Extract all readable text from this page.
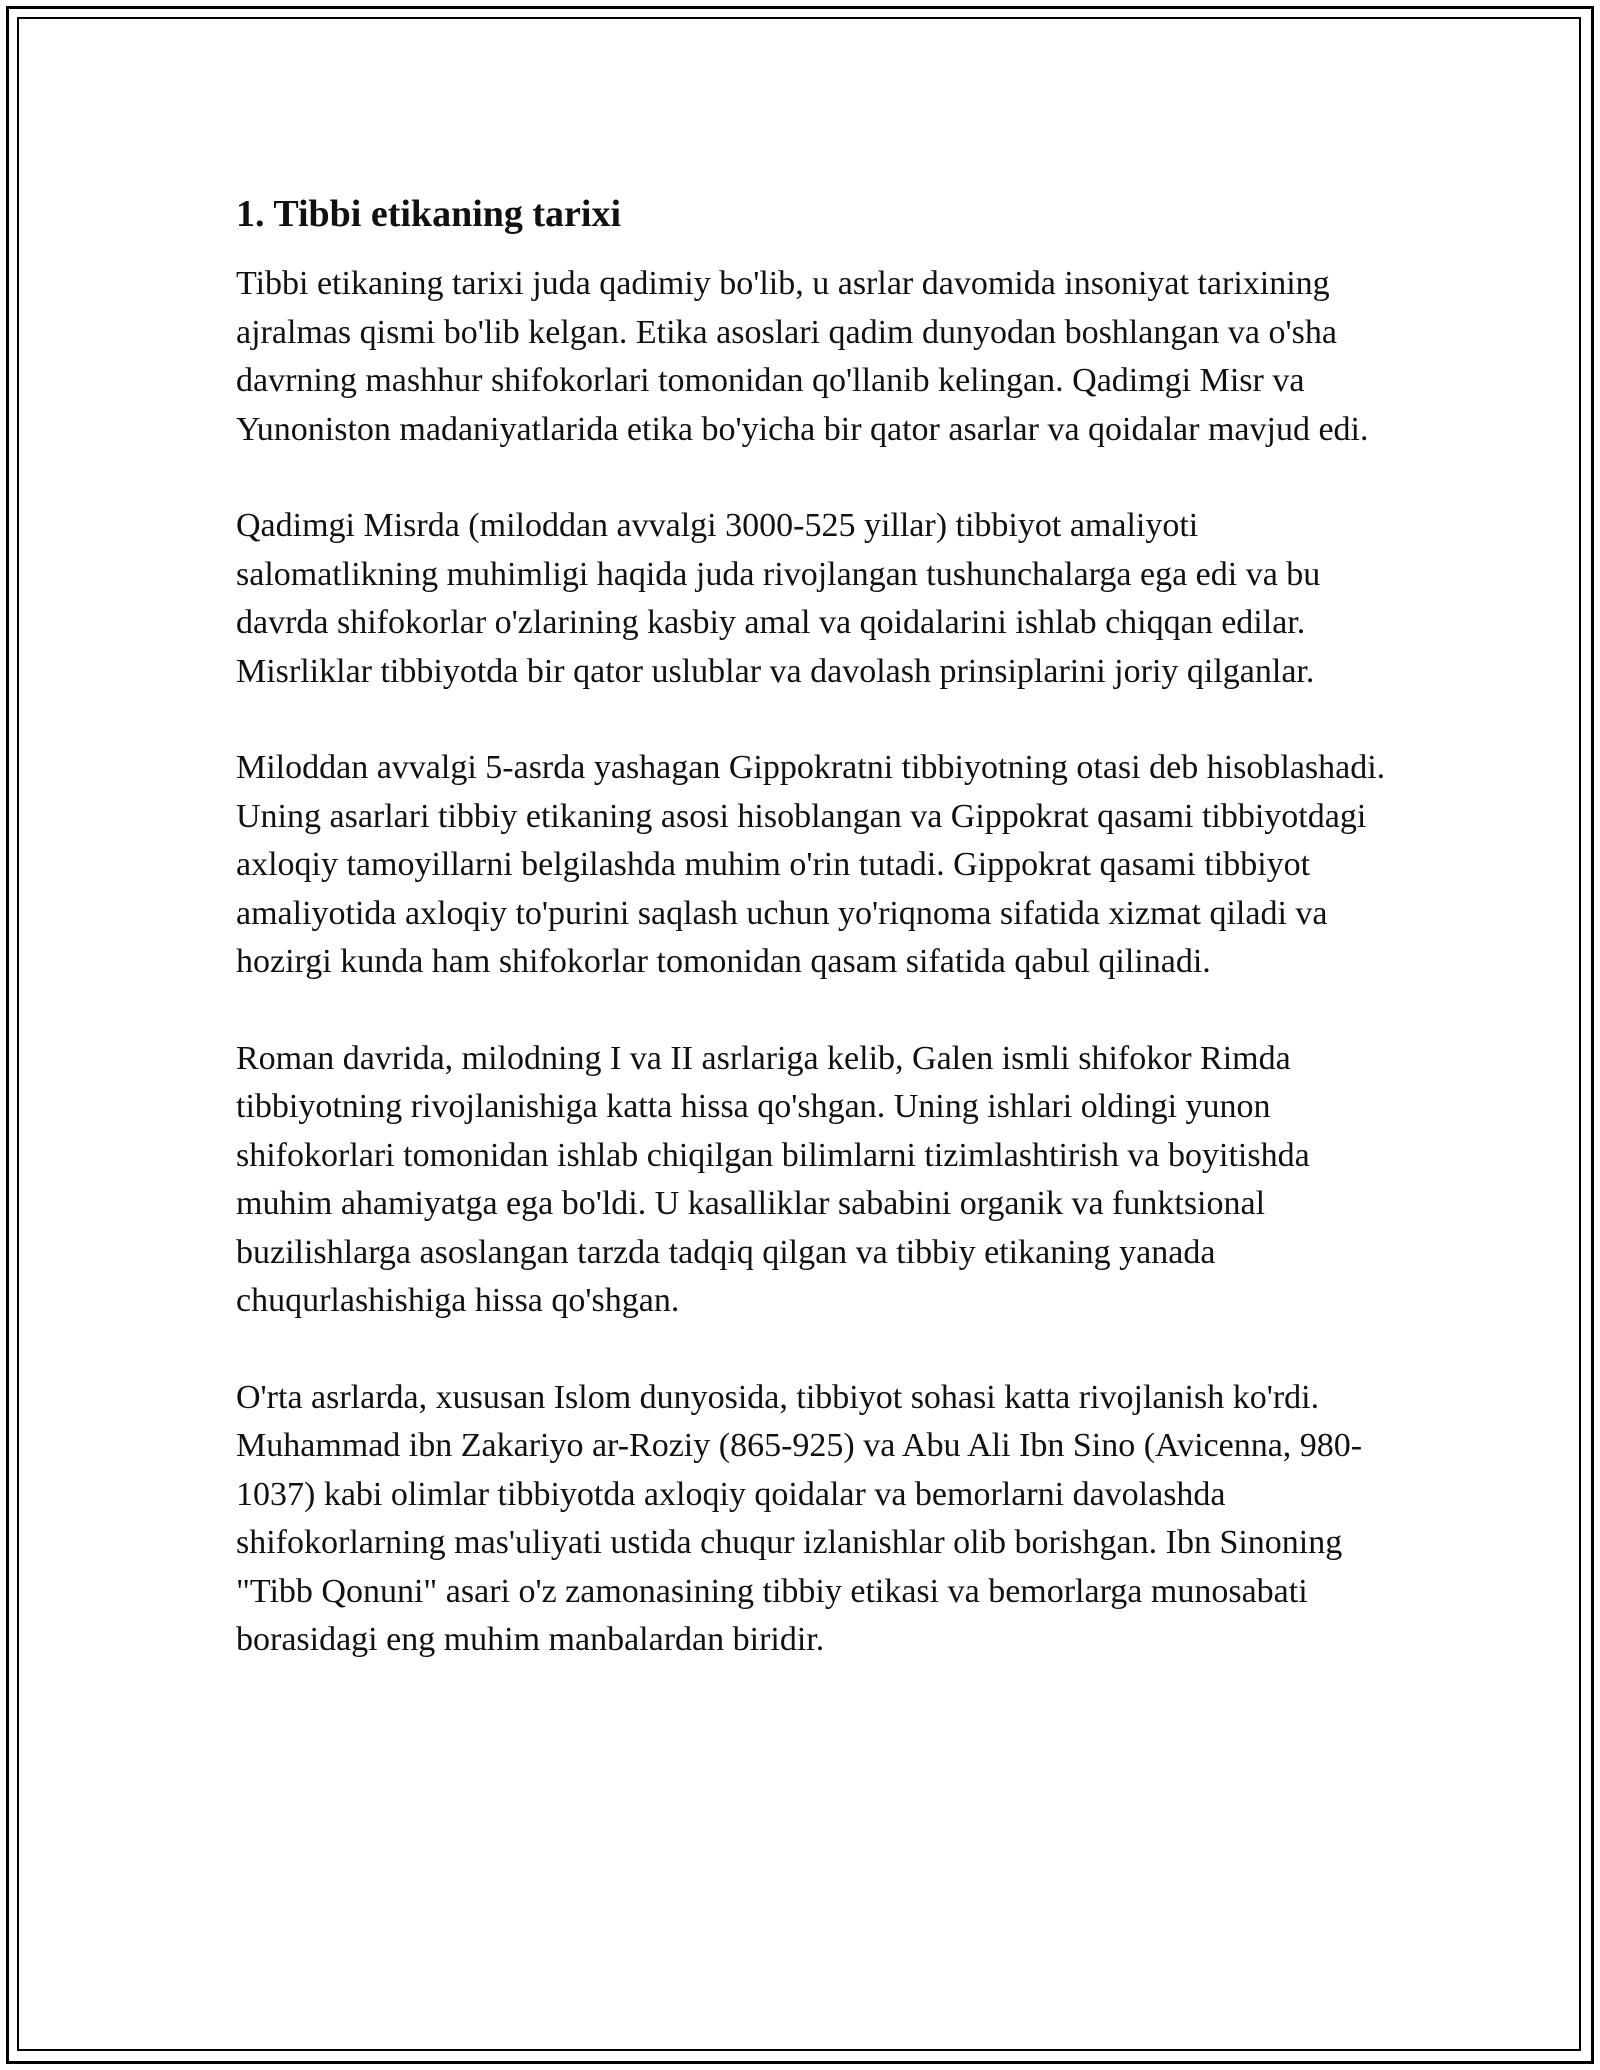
1. Tibbi etikaning tarixi

Tibbi etikaning tarixi juda qadimiy bo'lib, u asrlar davomida insoniyat tarixining ajralmas qismi bo'lib kelgan. Etika asoslari qadim dunyodan boshlangan va o'sha davrning mashhur shifokorlari tomonidan qo'llanib kelingan. Qadimgi Misr va Yunoniston madaniyatlarida etika bo'yicha bir qator asarlar va qoidalar mavjud edi.

Qadimgi Misrda (miloddan avvalgi 3000-525 yillar) tibbiyot amaliyoti salomatlikning muhimligi haqida juda rivojlangan tushunchalarga ega edi va bu davrda shifokorlar o'zlarining kasbiy amal va qoidalarini ishlab chiqqan edilar. Misrliklar tibbiyotda bir qator uslublar va davolash prinsiplarini joriy qilganlar.

Miloddan avvalgi 5-asrda yashagan Gippokratni tibbiyotning otasi deb hisoblashadi. Uning asarlari tibbiy etikaning asosi hisoblangan va Gippokrat qasami tibbiyotdagi axloqiy tamoyillarni belgilashda muhim o'rin tutadi. Gippokrat qasami tibbiyot amaliyotida axloqiy to'purini saqlash uchun yo'riqnoma sifatida xizmat qiladi va hozirgi kunda ham shifokorlar tomonidan qasam sifatida qabul qilinadi.

Roman davrida, milodning I va II asrlariga kelib, Galen ismli shifokor Rimda tibbiyotning rivojlanishiga katta hissa qo'shgan. Uning ishlari oldingi yunon shifokorlari tomonidan ishlab chiqilgan bilimlarni tizimlashtirish va boyitishda muhim ahamiyatga ega bo'ldi. U kasalliklar sababini organik va funktsional buzilishlarga asoslangan tarzda tadqiq qilgan va tibbiy etikaning yanada chuqurlashishiga hissa qo'shgan.

O'rta asrlarda, xususan Islom dunyosida, tibbiyot sohasi katta rivojlanish ko'rdi. Muhammad ibn Zakariyo ar-Roziy (865-925) va Abu Ali Ibn Sino (Avicenna, 980-1037) kabi olimlar tibbiyotda axloqiy qoidalar va bemorlarni davolashda shifokorlarning mas'uliyati ustida chuqur izlanishlar olib borishgan. Ibn Sinoning "Tibb Qonuni" asari o'z zamonasining tibbiy etikasi va bemorlarga munosabati borasidagi eng muhim manbalardan biridir.
